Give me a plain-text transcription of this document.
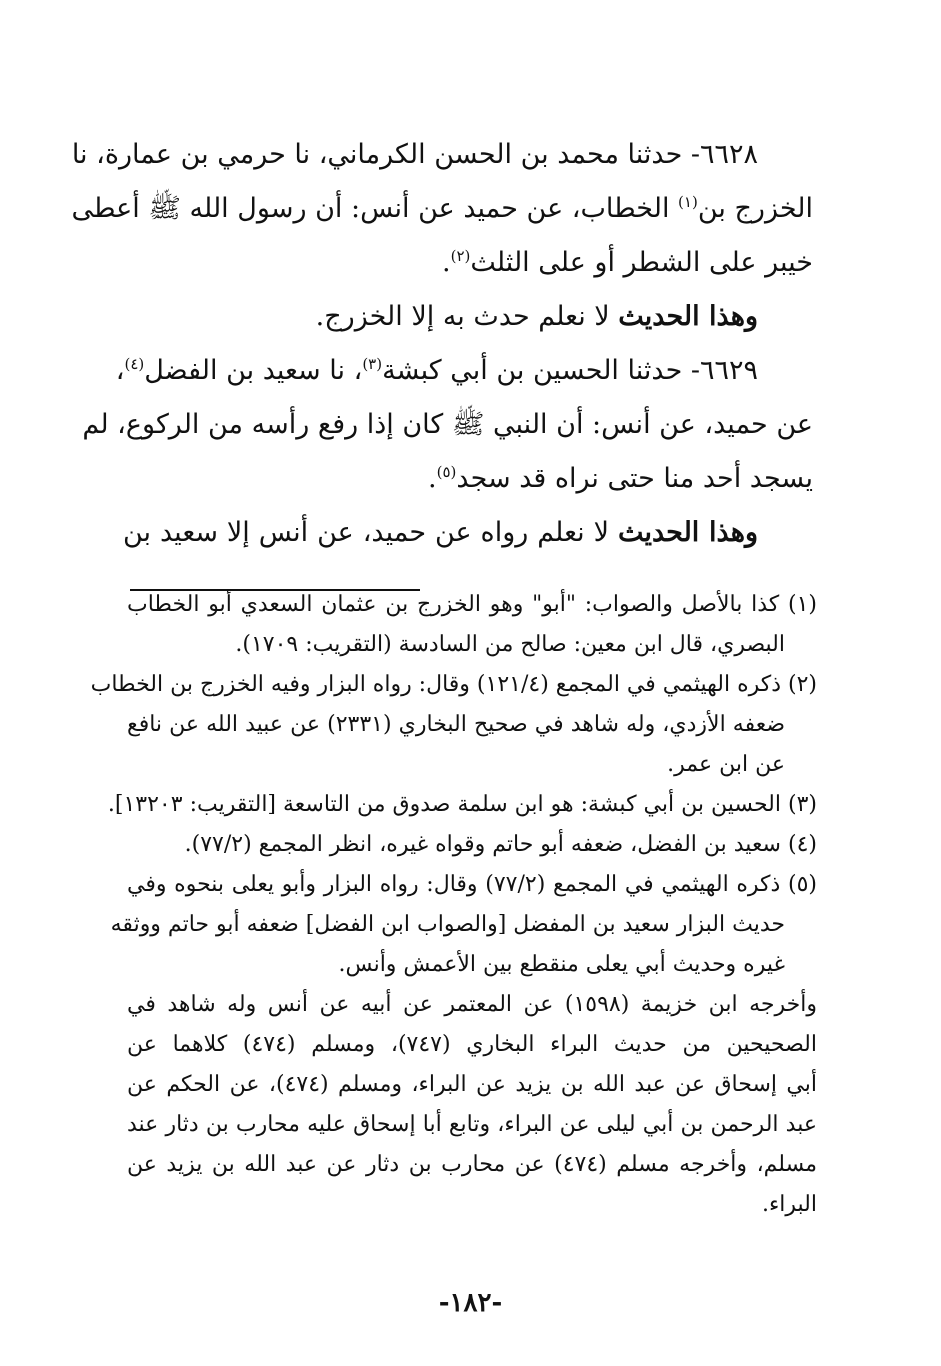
٦٦٢٨- حدثنا محمد بن الحسن الكرماني، نا حرمي بن عمارة، نا
الخزرج بن$^{(١)}$ الخطاب، عن حميد عن أنس: أن رسول الله ﷺ أعطى
خيبر على الشطر أو على الثلث$^{(٢)}$.
وهذا الحديث لا نعلم حدث به إلا الخزرج.
٦٦٢٩- حدثنا الحسين بن أبي كبشة$^{(٣)}$، نا سعيد بن الفضل$^{(٤)}$،
عن حميد، عن أنس: أن النبي ﷺ كان إذا رفع رأسه من الركوع، لم
يسجد أحد منا حتى نراه قد سجد$^{(٥)}$.
وهذا الحديث لا نعلم رواه عن حميد، عن أنس إلا سعيد بن
(١) كذا بالأصل والصواب: "أبو" وهو الخزرج بن عثمان السعدي أبو الخطاب
البصري، قال ابن معين: صالح من السادسة (التقريب: ١٧٠٩).
(٢) ذكره الهيثمي في المجمع (١٢١/٤) وقال: رواه البزار وفيه الخزرج بن الخطاب
ضعفه الأزدي، وله شاهد في صحيح البخاري (٢٣٣١) عن عبيد الله عن نافع
عن ابن عمر.
(٣) الحسين بن أبي كبشة: هو ابن سلمة صدوق من التاسعة [التقريب: ١٣٢٠٣].
(٤) سعيد بن الفضل، ضعفه أبو حاتم وقواه غيره، انظر المجمع (٧٧/٢).
(٥) ذكره الهيثمي في المجمع (٧٧/٢) وقال: رواه البزار وأبو يعلى بنحوه وفي
حديث البزار سعيد بن المفضل [والصواب ابن الفضل] ضعفه أبو حاتم ووثقه
غيره وحديث أبي يعلى منقطع بين الأعمش وأنس.
وأخرجه ابن خزيمة (١٥٩٨) عن المعتمر عن أبيه عن أنس وله شاهد في
الصحيحين من حديث البراء البخاري (٧٤٧)، ومسلم (٤٧٤) كلاهما عن
أبي إسحاق عن عبد الله بن يزيد عن البراء، ومسلم (٤٧٤)، عن الحكم عن
عبد الرحمن بن أبي ليلى عن البراء، وتابع أبا إسحاق عليه محارب بن دثار عند
مسلم، وأخرجه مسلم (٤٧٤) عن محارب بن دثار عن عبد الله بن يزيد عن
البراء.
-١٨٢-
